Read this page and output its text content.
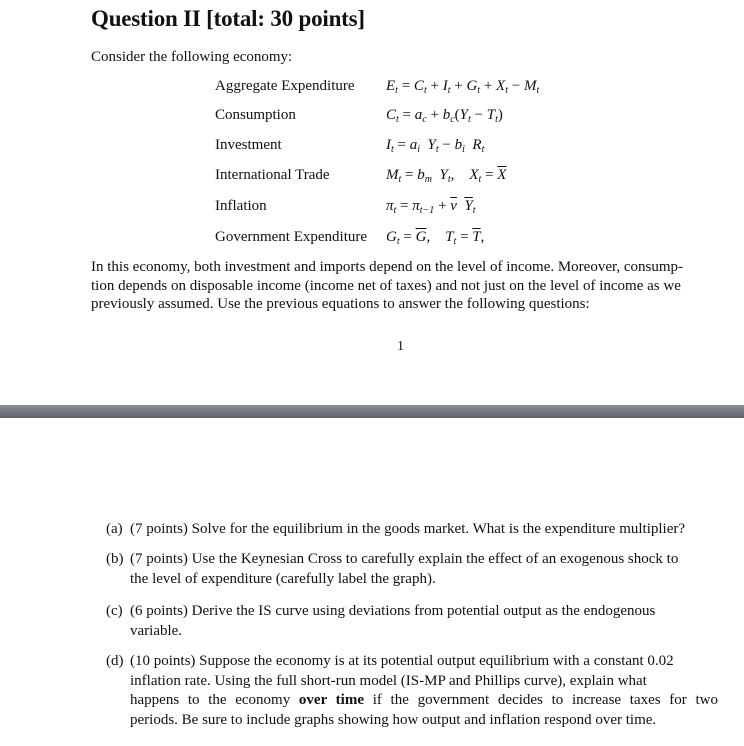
Question II [total: 30 points]
Consider the following economy:
Aggregate Expenditure $E_t = C_t + I_t + G_t + X_t - M_t$
Consumption	$C_t = a_c + b_c(Y_t - T_t)$
Investment	$I_t = a_i$ $Y_t - b_i$ $R_t$
International Trade	$M_t = b_m$ $Y_t$,    $X_t = \overline{X}$
Inflation	$\pi_t = \pi_{t-1} + \overline{v}$ $\overline{Y}_t$
Government Expenditure $G_t = \overline{G}$,    $T_t = \overline{T}$,
In this economy, both investment and imports depend on the level of income. Moreover, consump-
tion depends on disposable income (income net of taxes) and not just on the level of income as we
previously assumed. Use the previous equations to answer the following questions:
1
(a) (7 points) Solve for the equilibrium in the goods market. What is the expenditure multiplier?
(b) (7 points) Use the Keynesian Cross to carefully explain the effect of an exogenous shock to
the level of expenditure (carefully label the graph).
(c) (6 points) Derive the IS curve using deviations from potential output as the endogenous
variable.
(d) (10 points) Suppose the economy is at its potential output equilibrium with a constant 0.02
inflation rate. Using the full short-run model (IS-MP and Phillips curve), explain what
happens to the economy over time if the government decides to increase taxes for two
periods. Be sure to include graphs showing how output and inflation respond over time.
